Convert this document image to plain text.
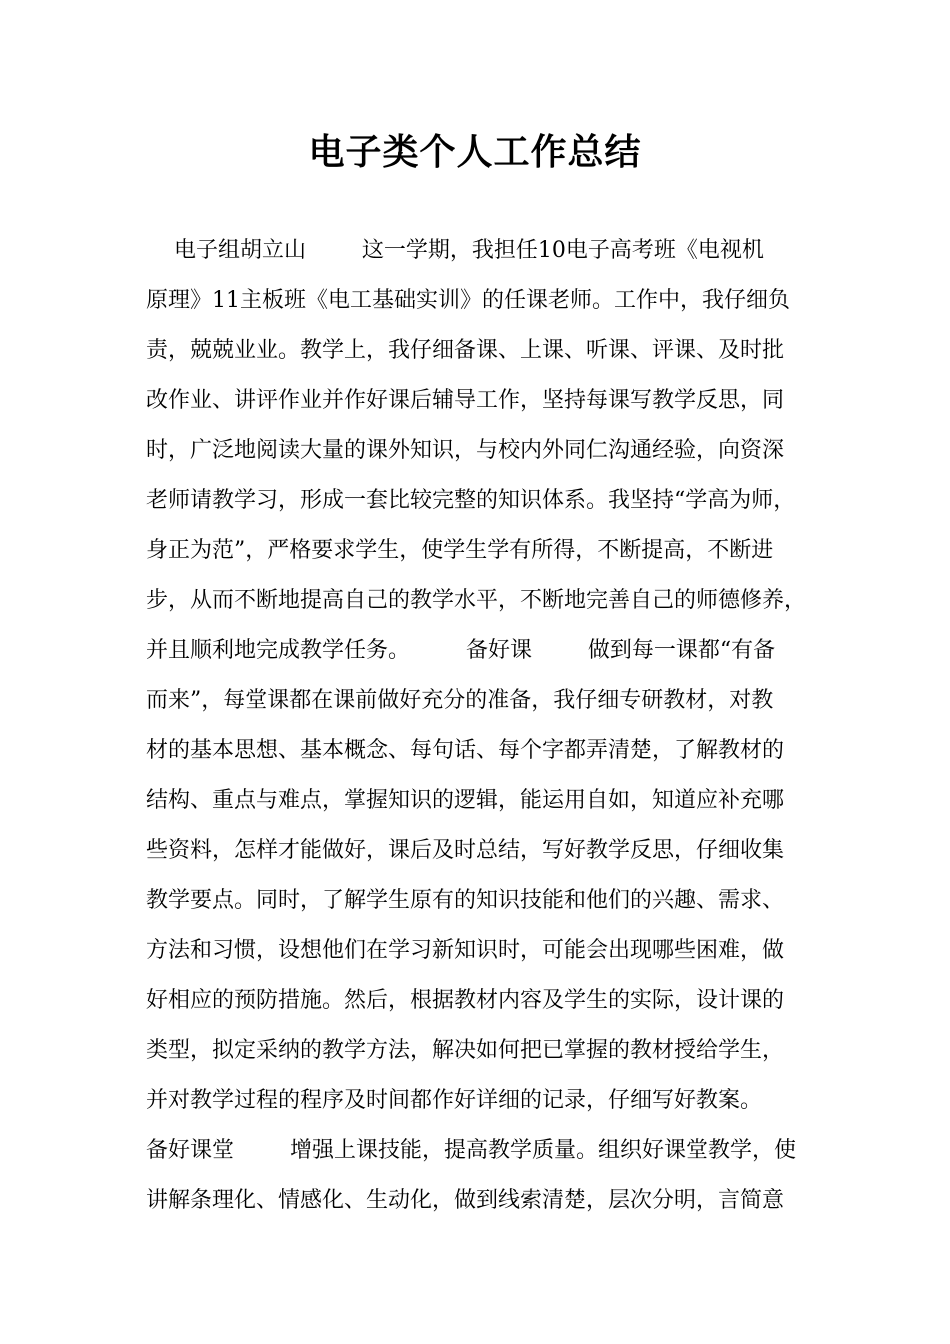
电子类个人工作总结
电子组胡立山        这一学期，我担任10电子高考班《电视机
原理》11主板班《电工基础实训》的任课老师。工作中，我仔细负
责，兢兢业业。教学上，我仔细备课、上课、听课、评课、及时批
改作业、讲评作业并作好课后辅导工作，坚持每课写教学反思，同
时，广泛地阅读大量的课外知识，与校内外同仁沟通经验，向资深
老师请教学习，形成一套比较完整的知识体系。我坚持“学高为师，
身正为范”，严格要求学生，使学生学有所得，不断提高，不断进
步，从而不断地提高自己的教学水平，不断地完善自己的师德修养，
并且顺利地完成教学任务。        备好课        做到每一课都“有备
而来”，每堂课都在课前做好充分的准备，我仔细专研教材，对教
材的基本思想、基本概念、每句话、每个字都弄清楚，了解教材的
结构、重点与难点，掌握知识的逻辑，能运用自如，知道应补充哪
些资料，怎样才能做好，课后及时总结，写好教学反思，仔细收集
教学要点。同时，了解学生原有的知识技能和他们的兴趣、需求、
方法和习惯，设想他们在学习新知识时，可能会出现哪些困难，做
好相应的预防措施。然后，根据教材内容及学生的实际，设计课的
类型，拟定采纳的教学方法，解决如何把已掌握的教材授给学生，
并对教学过程的程序及时间都作好详细的记录，仔细写好教案。
备好课堂        增强上课技能，提高教学质量。组织好课堂教学，使
讲解条理化、情感化、生动化，做到线索清楚，层次分明，言简意
